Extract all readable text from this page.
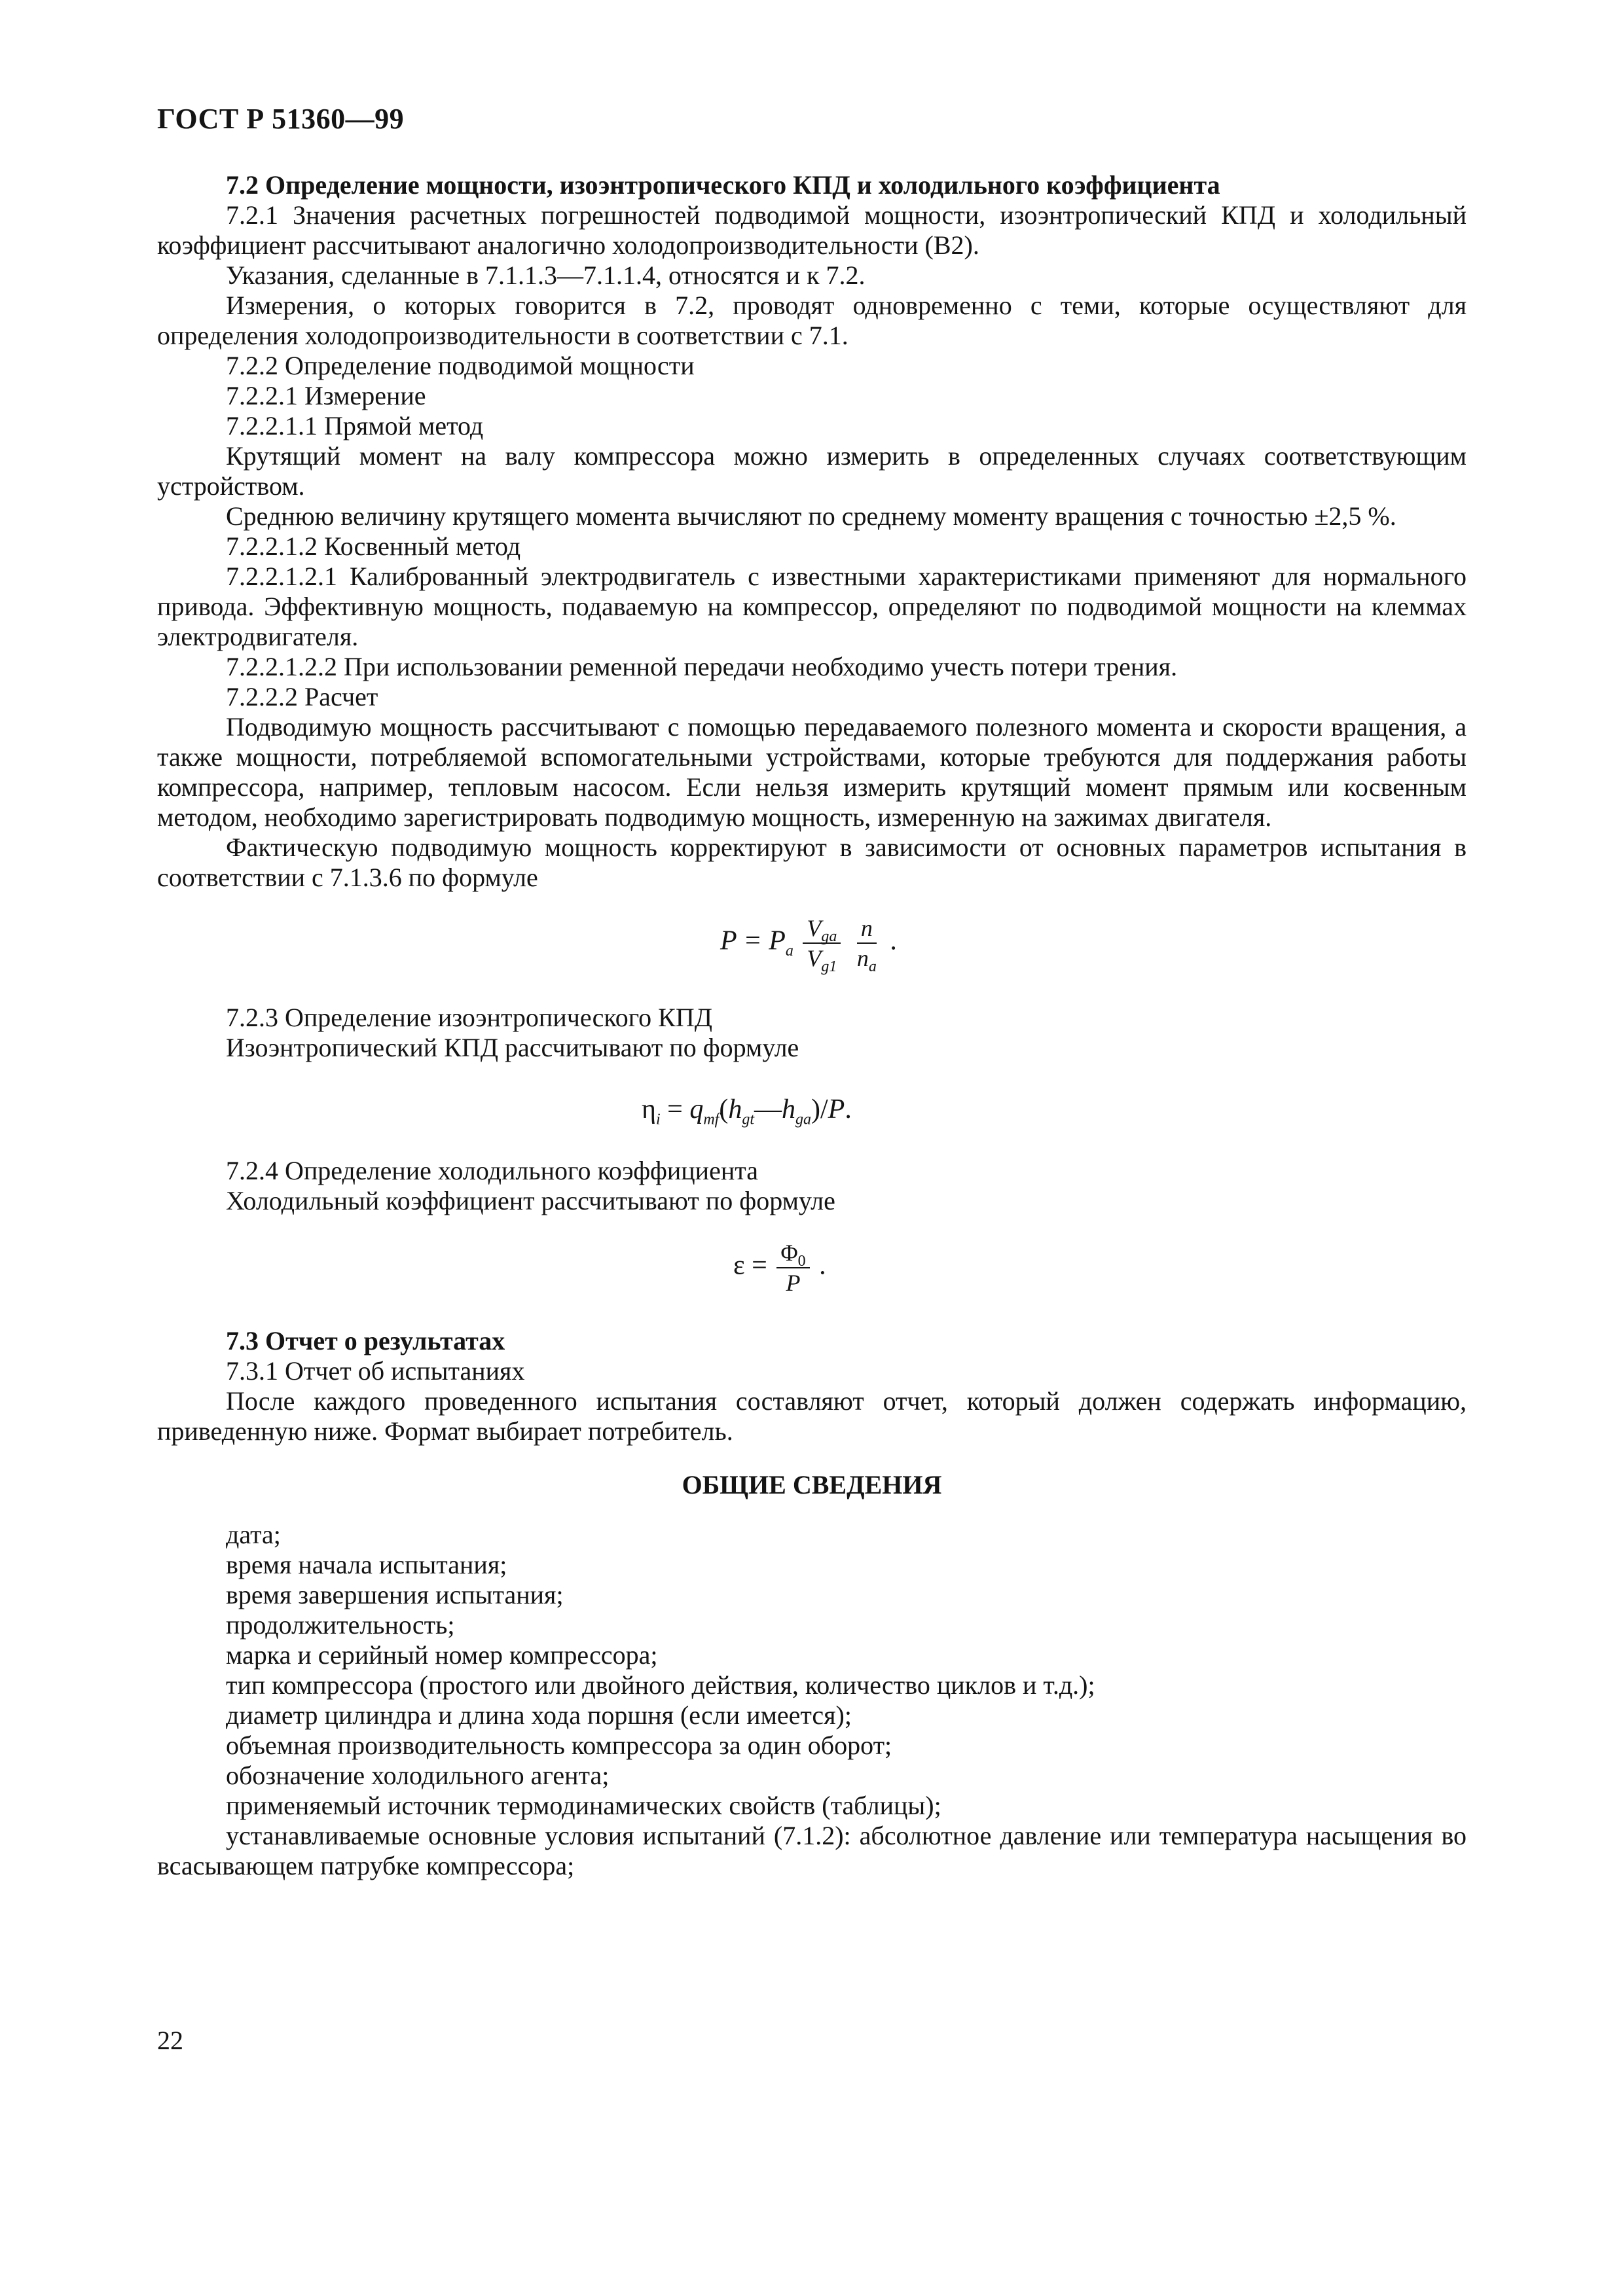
ГОСТ Р 51360—99

7.2 Определение мощности, изоэнтропического КПД и холодильного коэффициента

7.2.1 Значения расчетных погрешностей подводимой мощности, изоэнтропический КПД и холодильный коэффициент рассчитывают аналогично холодопроизводительности (В2).

Указания, сделанные в 7.1.1.3—7.1.1.4, относятся и к 7.2.

Измерения, о которых говорится в 7.2, проводят одновременно с теми, которые осуществляют для определения холодопроизводительности в соответствии с 7.1.

7.2.2 Определение подводимой мощности

7.2.2.1 Измерение

7.2.2.1.1 Прямой метод

Крутящий момент на валу компрессора можно измерить в определенных случаях соответствующим устройством.

Среднюю величину крутящего момента вычисляют по среднему моменту вращения с точностью ±2,5 %.

7.2.2.1.2 Косвенный метод

7.2.2.1.2.1 Калиброванный электродвигатель с известными характеристиками применяют для нормального привода. Эффективную мощность, подаваемую на компрессор, определяют по подводимой мощности на клеммах электродвигателя.

7.2.2.1.2.2 При использовании ременной передачи необходимо учесть потери трения.

7.2.2.2 Расчет

Подводимую мощность рассчитывают с помощью передаваемого полезного момента и скорости вращения, а также мощности, потребляемой вспомогательными устройствами, которые требуются для поддержания работы компрессора, например, тепловым насосом. Если нельзя измерить крутящий момент прямым или косвенным методом, необходимо зарегистрировать подводимую мощность, измеренную на зажимах двигателя.

Фактическую подводимую мощность корректируют в зависимости от основных параметров испытания в соответствии с 7.1.3.6 по формуле

$P = P_a \frac{V_{ga}}{V_{g1}}$
$\frac{n}{n_a}$ .

7.2.3 Определение изоэнтропического КПД

Изоэнтропический КПД рассчитывают по формуле

$\eta_i$ = $q_{mf}(h_{gt}—h_{ga})/P$.

7.2.4 Определение холодильного коэффициента

Холодильный коэффициент рассчитывают по формуле

$\varepsilon = \frac{\Phi_0}{P}$ .

7.3 Отчет о результатах

7.3.1 Отчет об испытаниях

После каждого проведенного испытания составляют отчет, который должен содержать информацию, приведенную ниже. Формат выбирает потребитель.

ОБЩИЕ СВЕДЕНИЯ

дата;

время начала испытания;

время завершения испытания;

продолжительность;

марка и серийный номер компрессора;

тип компрессора (простого или двойного действия, количество циклов и т.д.);

диаметр цилиндра и длина хода поршня (если имеется);

объемная производительность компрессора за один оборот;

обозначение холодильного агента;

применяемый источник термодинамических свойств (таблицы);

устанавливаемые основные условия испытаний (7.1.2): абсолютное давление или температура насыщения во всасывающем патрубке компрессора;

22
